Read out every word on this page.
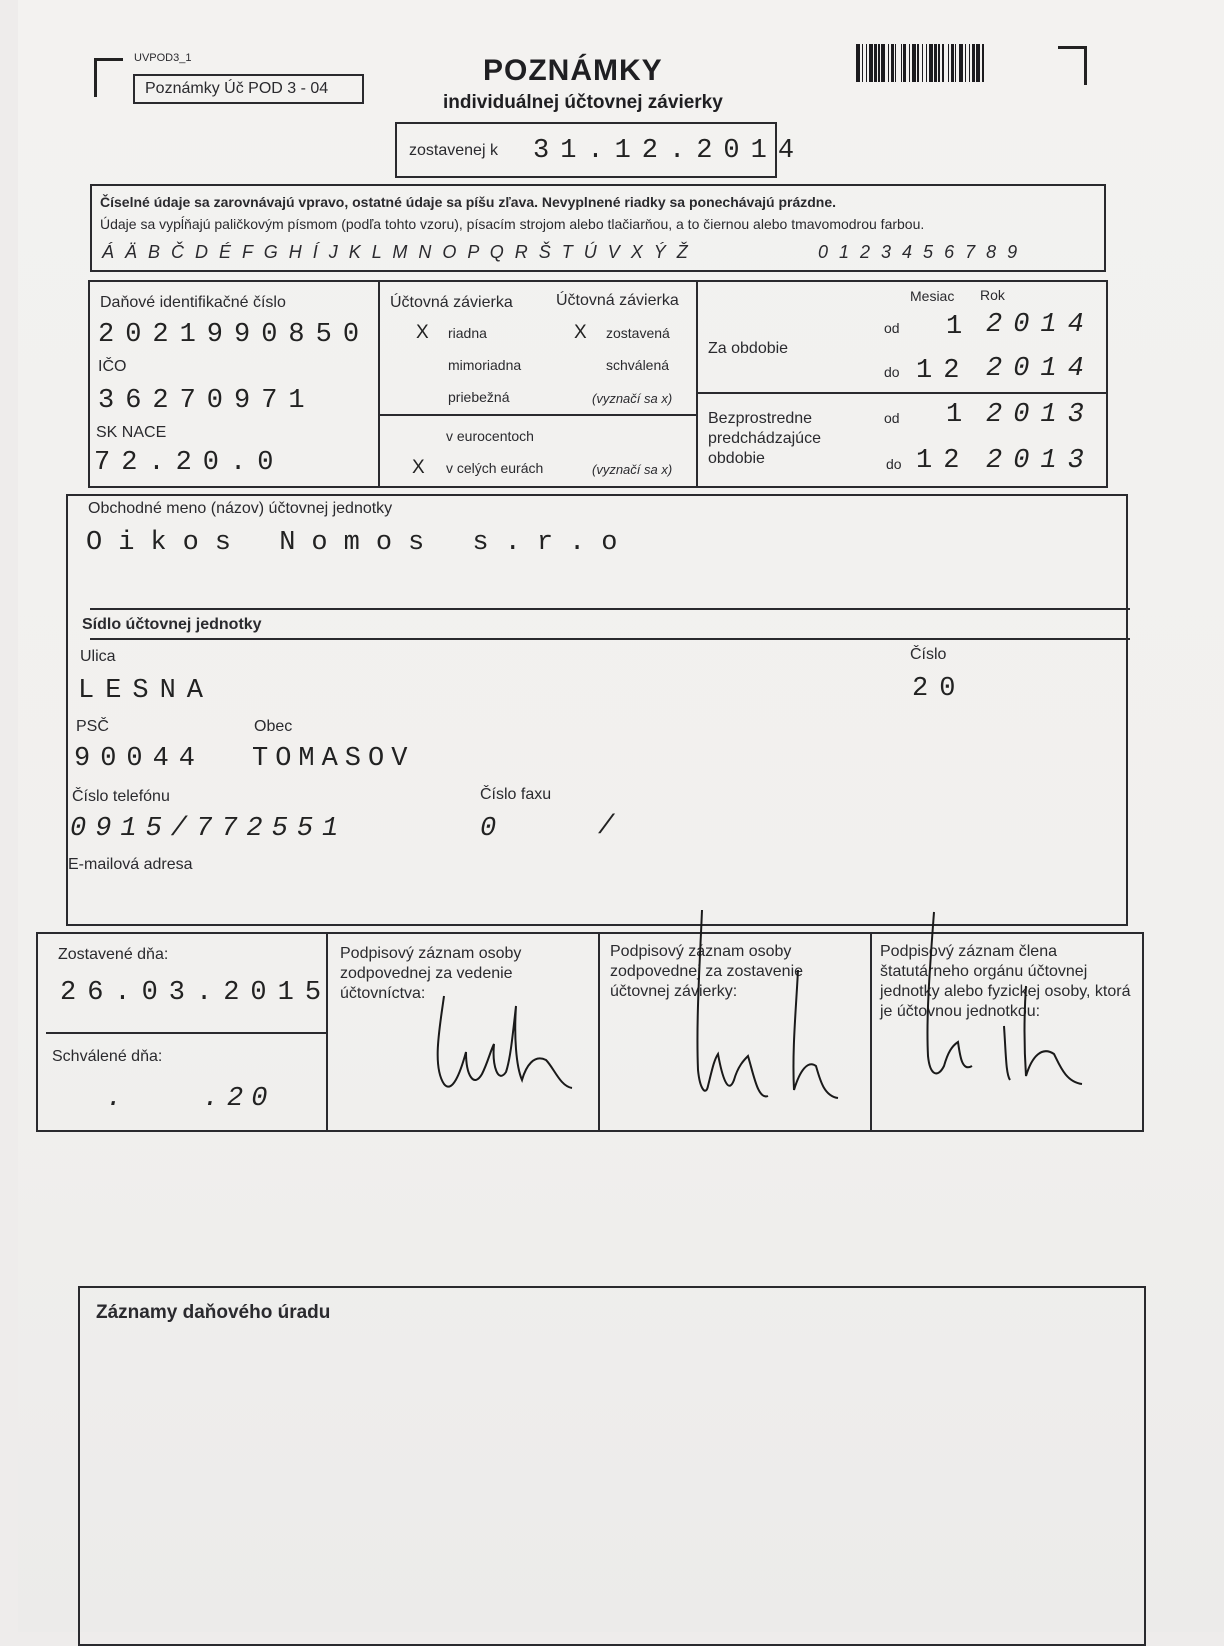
UVPOD3_1
Poznámky Úč POD 3 - 04
POZNÁMKY
individuálnej účtovnej závierky
zostavenej k 31.12.2014
Číselné údaje sa zarovnávajú vpravo, ostatné údaje sa píšu zľava. Nevyplnené riadky sa ponechávajú prázdne.
Údaje sa vypĺňajú paličkovým písmom (podľa tohto vzoru), písacím strojom alebo tlačiarňou, a to čiernou alebo tmavomodrou farbou.
Á Ä B Č D É F G H Í J K L M N O P Q R Š T Ú V X Ý Ž	0 1 2 3 4 5 6 7 8 9
Daňové identifikačné číslo
2021990850
IČO
36270971
SK NACE
72.20.0
Účtovná závierka	Účtovná závierka
X riadna
mimoriadna
priebežná
X zostavená
schválená
(vyznačí sa x)
v eurocentoch
X v celých eurách	(vyznačí sa x)
Mesiac Rok
Za obdobie
od 1 2014
do 12 2014
Bezprostredne
predchádzajúce
obdobie
od 1 2013
do 12 2013
Obchodné meno (názov) účtovnej jednotky
Oikos Nomos s.r.o
Sídlo účtovnej jednotky
Ulica
LESNA
Číslo
20
PSČ
90044
Obec
TOMASOV
Číslo telefónu
0915/772551
Číslo faxu
0	/
E-mailová adresa
Zostavené dňa:
26.03.2015
Schválené dňa:
.   .20
Podpisový záznam osoby zodpovednej za vedenie účtovníctva:
Podpisový záznam osoby zodpovednej za zostavenie účtovnej závierky:
Podpisový záznam člena štatutárneho orgánu účtovnej jednotky alebo fyzickej osoby, ktorá je účtovnou jednotkou:
Záznamy daňového úradu
